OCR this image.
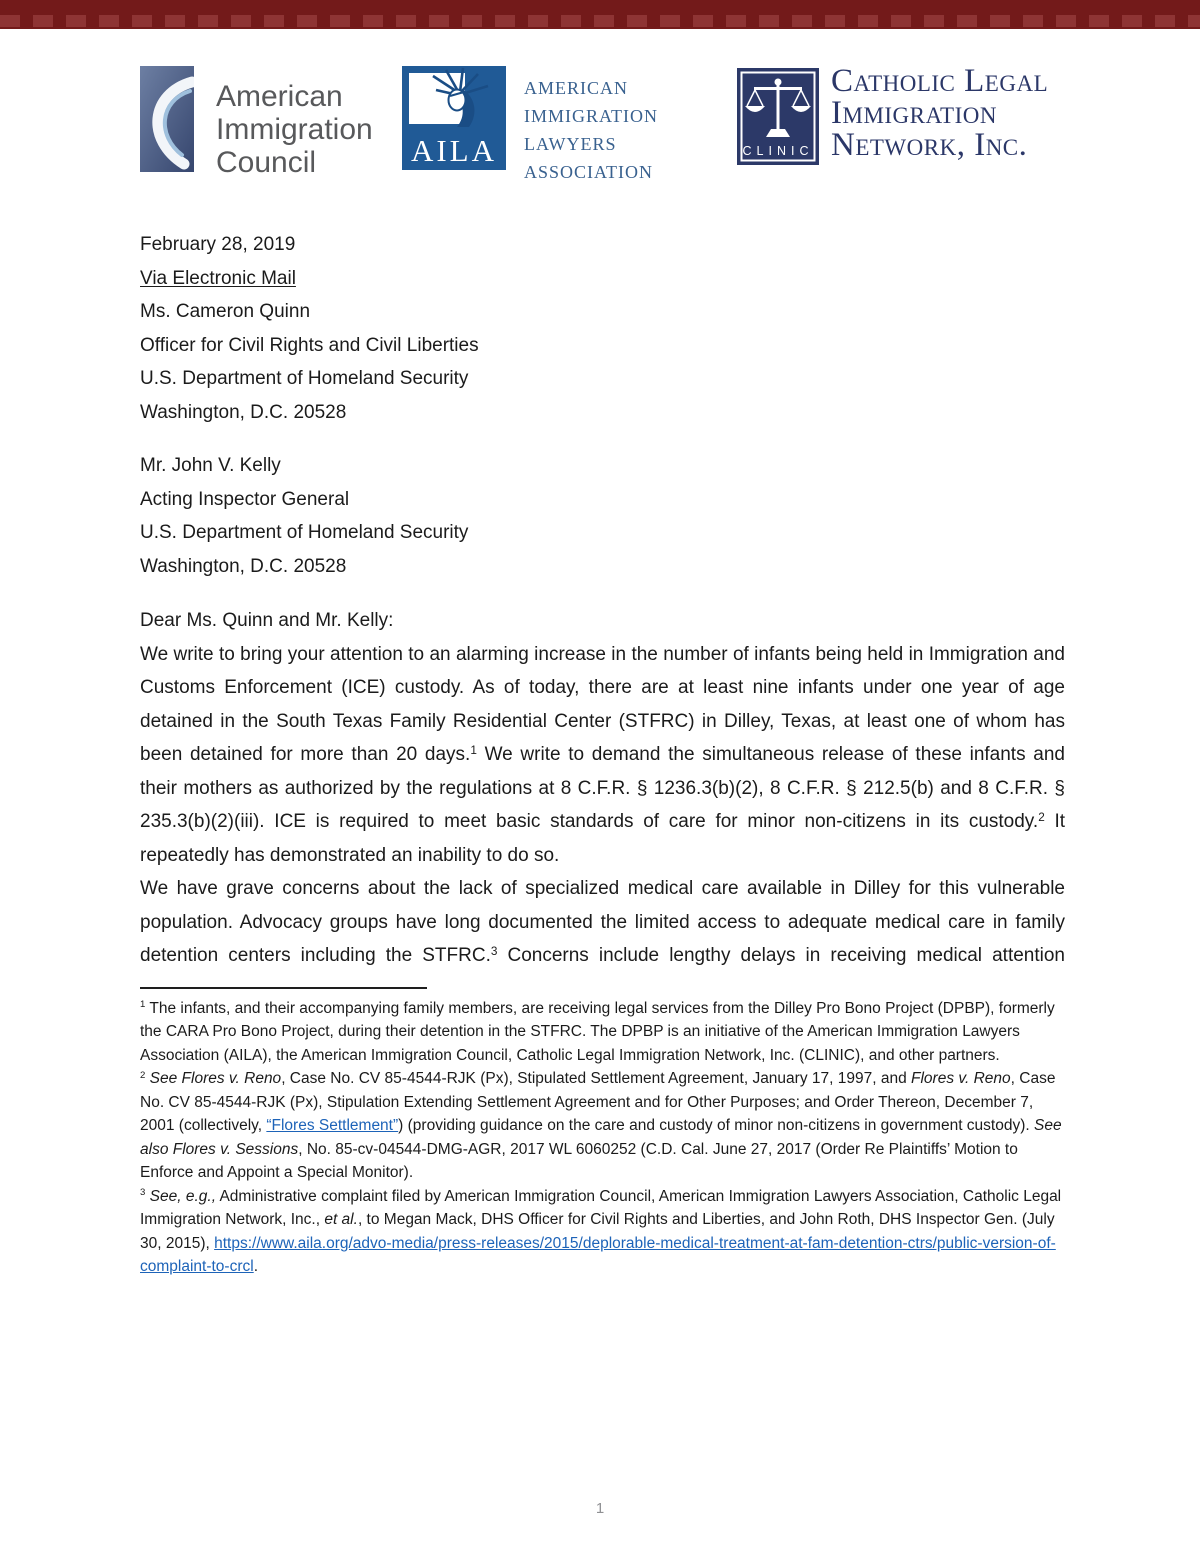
American
Immigration
Council	AILA
AMERICAN
IMMIGRATION
LAWYERS
ASSOCIATION
CLINIC
Catholic Legal
Immigration
Network, Inc.

February 28, 2019

Via Electronic Mail

Ms. Cameron Quinn
Officer for Civil Rights and Civil Liberties
U.S. Department of Homeland Security
Washington, D.C. 20528
Mr. John V. Kelly
Acting Inspector General
U.S. Department of Homeland Security
Washington, D.C. 20528

Dear Ms. Quinn and Mr. Kelly:

We write to bring your attention to an alarming increase in the number of infants being held in Immigration and Customs Enforcement (ICE) custody. As of today, there are at least nine infants under one year of age detained in the South Texas Family Residential Center (STFRC) in Dilley, Texas, at least one of whom has been detained for more than 20 days.$^1$ We write to demand the simultaneous release of these infants and their mothers as authorized by the regulations at 8 C.F.R. § 1236.3(b)(2), 8 C.F.R. § 212.5(b) and 8 C.F.R. § 235.3(b)(2)(iii). ICE is required to meet basic standards of care for minor non-citizens in its custody.$^2$ It repeatedly has demonstrated an inability to do so.

We have grave concerns about the lack of specialized medical care available in Dilley for this vulnerable population. Advocacy groups have long documented the limited access to adequate medical care in family detention centers including the STFRC.$^3$ Concerns include lengthy delays in receiving medical attention

$^1$ The infants, and their accompanying family members, are receiving legal services from the Dilley Pro Bono Project (DPBP), formerly the CARA Pro Bono Project, during their detention in the STFRC. The DPBP is an initiative of the American Immigration Lawyers Association (AILA), the American Immigration Council, Catholic Legal Immigration Network, Inc. (CLINIC), and other partners.

$^2$ See Flores v. Reno, Case No. CV 85-4544-RJK (Px), Stipulated Settlement Agreement, January 17, 1997, and Flores v. Reno, Case No. CV 85-4544-RJK (Px), Stipulation Extending Settlement Agreement and for Other Purposes; and Order Thereon, December 7, 2001 (collectively, “Flores Settlement”) (providing guidance on the care and custody of minor non-citizens in government custody). See also Flores v. Sessions, No. 85-cv-04544-DMG-AGR, 2017 WL 6060252 (C.D. Cal. June 27, 2017 (Order Re Plaintiffs’ Motion to Enforce and Appoint a Special Monitor).

$^3$ See, e.g., Administrative complaint filed by American Immigration Council, American Immigration Lawyers Association, Catholic Legal Immigration Network, Inc., et al., to Megan Mack, DHS Officer for Civil Rights and Liberties, and John Roth, DHS Inspector Gen. (July 30, 2015), https://www.aila.org/advo-media/press-releases/2015/deplorable-medical-treatment-at-fam-detention-ctrs/public-version-of-complaint-to-crcl.

1
